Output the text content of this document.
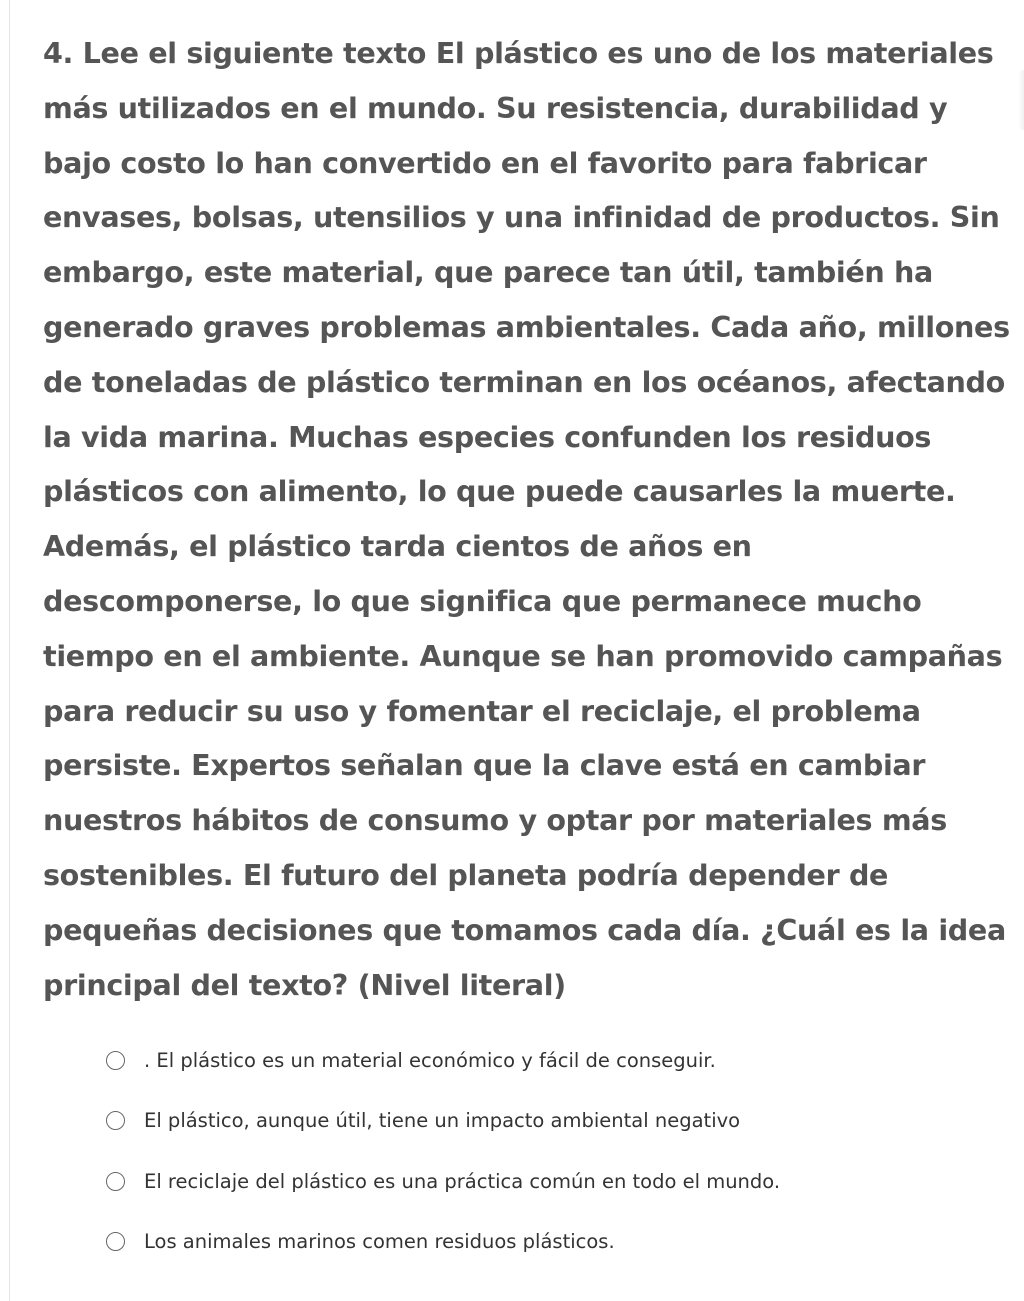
4. Lee el siguiente texto El plástico es uno de los materiales más utilizados en el mundo. Su resistencia, durabilidad y bajo costo lo han convertido en el favorito para fabricar envases, bolsas, utensilios y una infinidad de productos. Sin embargo, este material, que parece tan útil, también ha generado graves problemas ambientales. Cada año, millones de toneladas de plástico terminan en los océanos, afectando la vida marina. Muchas especies confunden los residuos plásticos con alimento, lo que puede causarles la muerte. Además, el plástico tarda cientos de años en descomponerse, lo que significa que permanece mucho tiempo en el ambiente. Aunque se han promovido campañas para reducir su uso y fomentar el reciclaje, el problema persiste. Expertos señalan que la clave está en cambiar nuestros hábitos de consumo y optar por materiales más sostenibles. El futuro del planeta podría depender de pequeñas decisiones que tomamos cada día. ¿Cuál es la idea principal del texto? (Nivel literal)

. El plástico es un material económico y fácil de conseguir.
El plástico, aunque útil, tiene un impacto ambiental negativo
El reciclaje del plástico es una práctica común en todo el mundo.
Los animales marinos comen residuos plásticos.
